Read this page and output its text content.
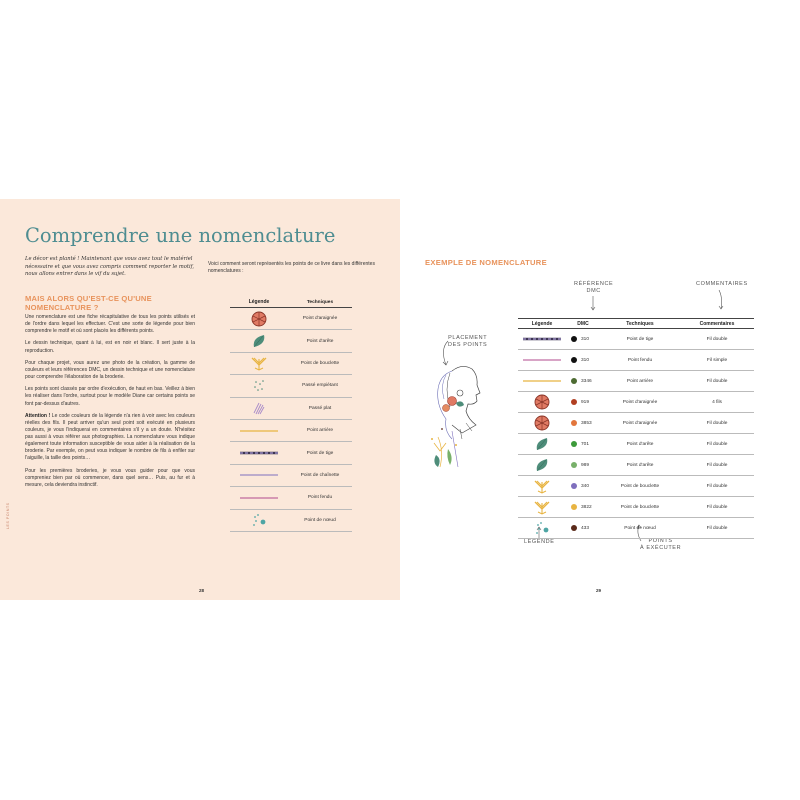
LES POINTS
Comprendre une nomenclature
Le décor est planté ! Maintenant que vous avez tout le matériel nécessaire et que vous avez compris comment reporter le motif, nous allons entrer dans le vif du sujet.
MAIS ALORS QU'EST-CE QU'UNE NOMENCLATURE ?

Une nomenclature est une fiche récapitulative de tous les points utilisés et de l'ordre dans lequel les effectuer. C'est une sorte de légende pour bien comprendre le motif et où sont placés les différents points.

Le dessin technique, quant à lui, est en noir et blanc. Il sert juste à la reproduction.

Pour chaque projet, vous aurez une photo de la création, la gamme de couleurs et leurs références DMC, un dessin technique et une nomenclature pour comprendre l'élaboration de la broderie.

Les points sont classés par ordre d'exécution, de haut en bas. Veillez à bien les réaliser dans l'ordre, surtout pour le modèle Diane car certains points se font par-dessus d'autres.

Attention ! Le code couleurs de la légende n'a rien à voir avec les couleurs réelles des fils. Il peut arriver qu'un seul point soit exécuté en plusieurs couleurs, je vous l'indiquerai en commentaires s'il y a un doute. N'hésitez pas aussi à vous référer aux photographies. La nomenclature vous indique également toute information susceptible de vous aider à la réalisation de la broderie. Par exemple, on peut vous indiquer le nombre de fils à enfiler sur l'aiguille, la taille des points…

Pour les premières broderies, je vous vous guider pour que vous compreniez bien par où commencer, dans quel sens… Puis, au fur et à mesure, cela deviendra instinctif.

Voici comment seront représentés les points de ce livre dans les différentes nomenclatures :
Légende	Techniques
Point d'araignée
Point d'arête
Point de bouclette
Passé empiétant
Passé plat
Point arrière
Point de tige
Point de chaînette
Point fendu
Point de nœud
28
EXEMPLE DE NOMENCLATURE
RÉFÉRENCE
DMC
COMMENTAIRES
PLACEMENT
DES POINTS
LÉGENDE	POINTS
À EXÉCUTER
Légende	DMC	Techniques	Commentaires
310	Point de tige	Fil double
310	Point fendu	Fil simple
3346	Point arrière	Fil double
919	Point d'araignée	4 fils
3853	Point d'araignée	Fil double
701	Point d'arête	Fil double
989	Point d'arête	Fil double
340	Point de bouclette	Fil double
3822	Point de bouclette	Fil double
433	Point de nœud	Fil double
29
